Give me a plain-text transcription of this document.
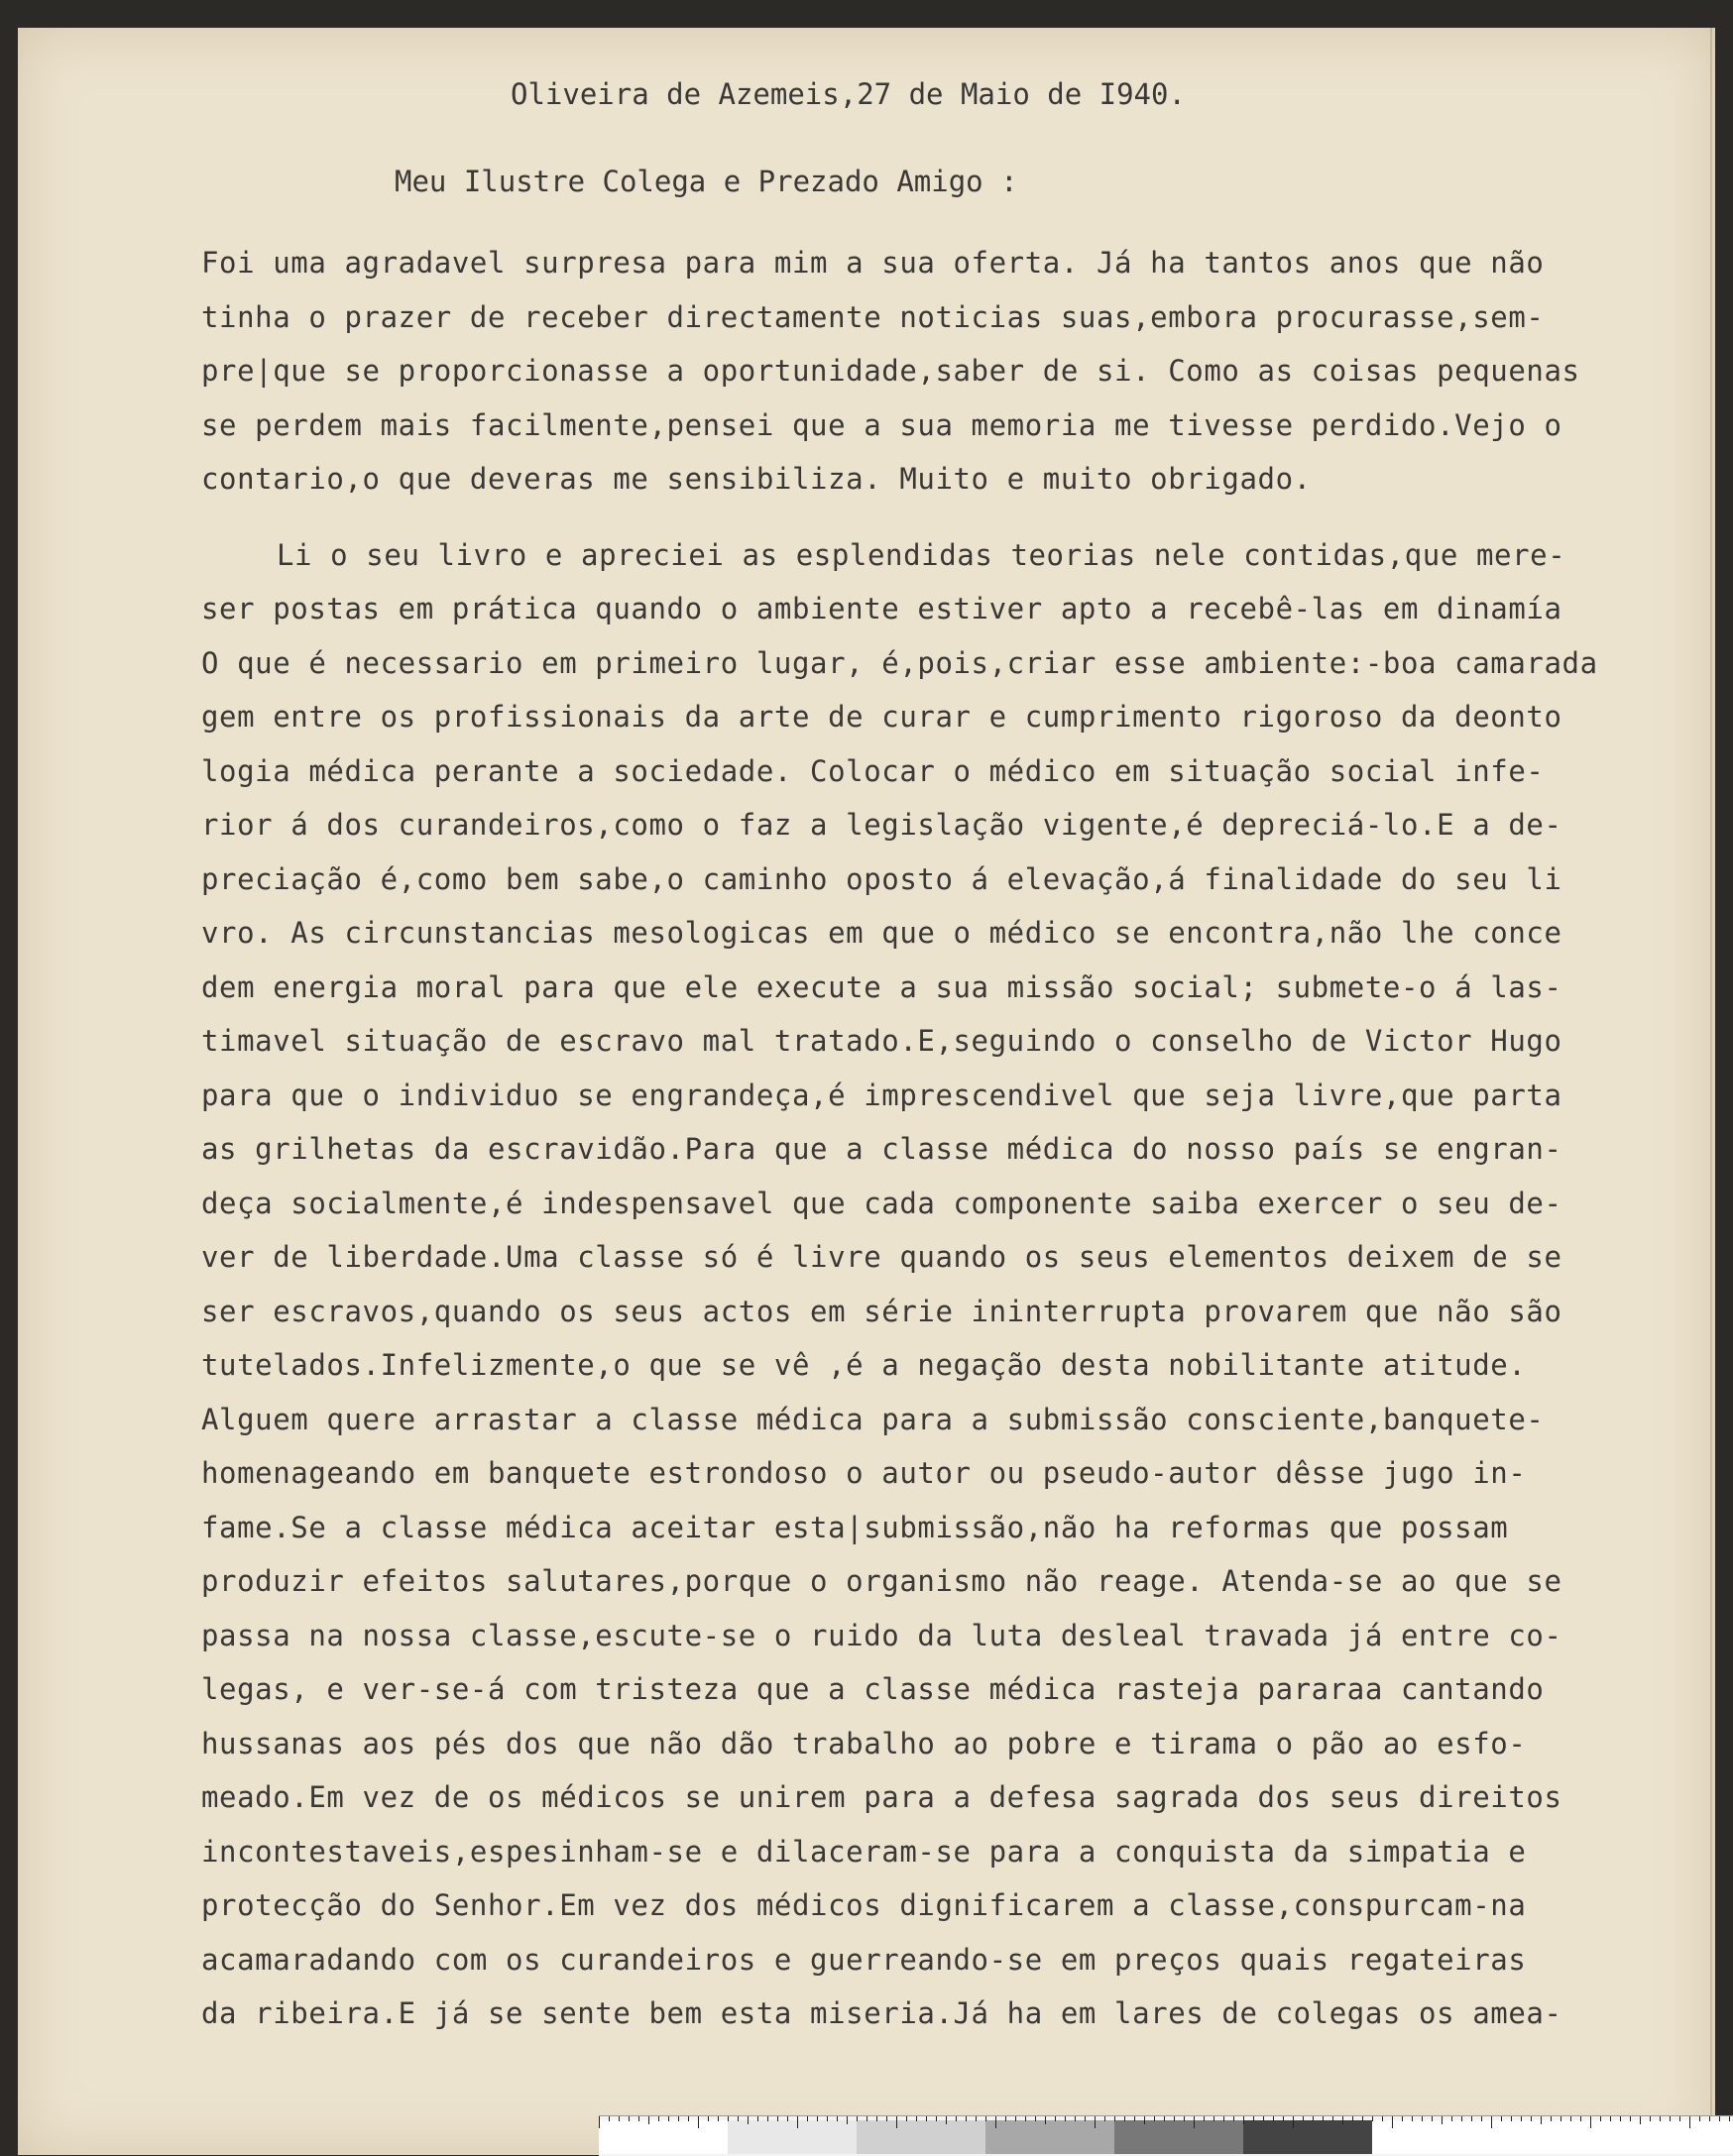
Oliveira de Azemeis,27 de Maio de I940.
Meu Ilustre Colega e Prezado Amigo :
Foi uma agradavel surpresa para mim a sua oferta. Já ha tantos anos que não
tinha o prazer de receber directamente noticias suas,embora procurasse,sem-
pre|que se proporcionasse a oportunidade,saber de si. Como as coisas pequenas
se perdem mais facilmente,pensei que a sua memoria me tivesse perdido.Vejo o
contario,o que deveras me sensibiliza. Muito e muito obrigado.
Li o seu livro e apreciei as esplendidas teorias nele contidas,que mere-
ser postas em prática quando o ambiente estiver apto a recebê-las em dinamía
O que é necessario em primeiro lugar, é,pois,criar esse ambiente:-boa camarada
gem entre os profissionais da arte de curar e cumprimento rigoroso da deonto
logia médica perante a sociedade. Colocar o médico em situação social infe-
rior á dos curandeiros,como o faz a legislação vigente,é depreciá-lo.E a de-
preciação é,como bem sabe,o caminho oposto á elevação,á finalidade do seu li
vro. As circunstancias mesologicas em que o médico se encontra,não lhe conce
dem energia moral para que ele execute a sua missão social; submete-o á las-
timavel situação de escravo mal tratado.E,seguindo o conselho de Victor Hugo
para que o individuo se engrandeça,é imprescendivel que seja livre,que parta
as grilhetas da escravidão.Para que a classe médica do nosso país se engran-
deça socialmente,é indespensavel que cada componente saiba exercer o seu de-
ver de liberdade.Uma classe só é livre quando os seus elementos deixem de se
ser escravos,quando os seus actos em série ininterrupta provarem que não são
tutelados.Infelizmente,o que se vê ,é a negação desta nobilitante atitude.
Alguem quere arrastar a classe médica para a submissão consciente,banquete-
homenageando em banquete estrondoso o autor ou pseudo-autor dêsse jugo in-
fame.Se a classe médica aceitar esta|submissão,não ha reformas que possam
produzir efeitos salutares,porque o organismo não reage. Atenda-se ao que se
passa na nossa classe,escute-se o ruido da luta desleal travada já entre co-
legas, e ver-se-á com tristeza que a classe médica rasteja pararaa cantando
hussanas aos pés dos que não dão trabalho ao pobre e tirama o pão ao esfo-
meado.Em vez de os médicos se unirem para a defesa sagrada dos seus direitos
incontestaveis,espesinham-se e dilaceram-se para a conquista da simpatia e
protecção do Senhor.Em vez dos médicos dignificarem a classe,conspurcam-na
acamaradando com os curandeiros e guerreando-se em preços quais regateiras
da ribeira.E já se sente bem esta miseria.Já ha em lares de colegas os amea-
